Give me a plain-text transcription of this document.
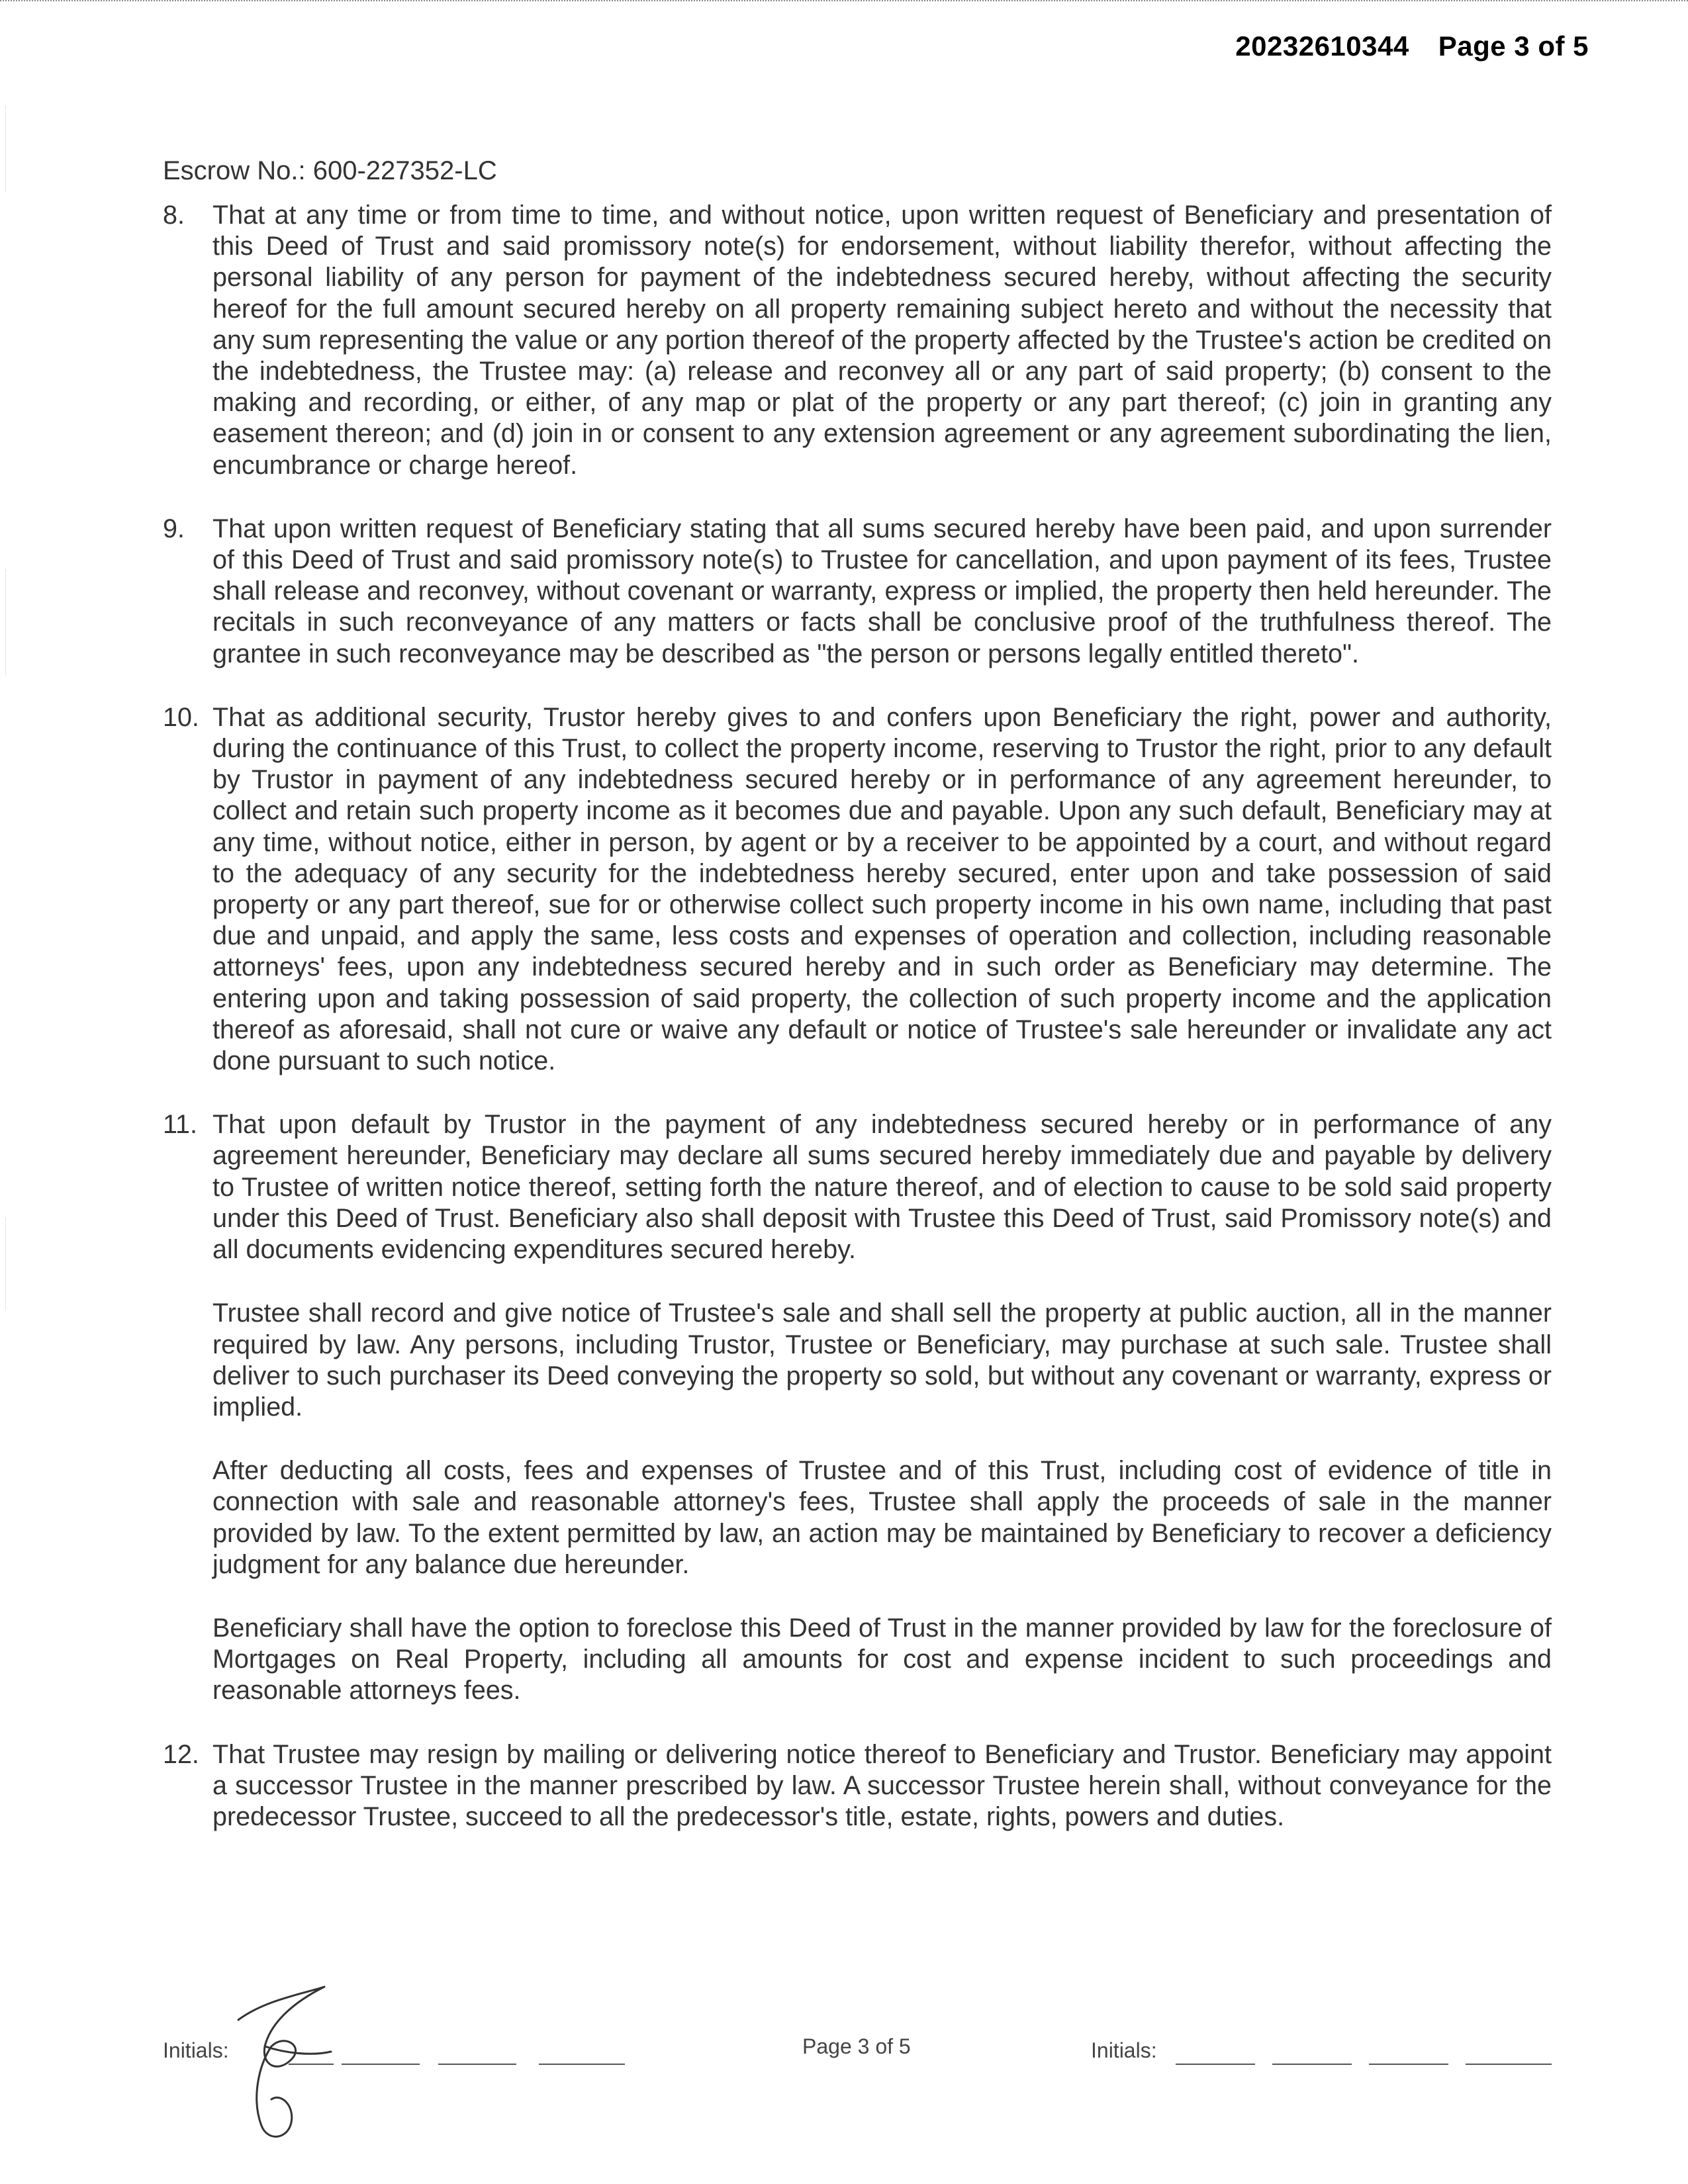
20232610344 Page 3 of 5
Escrow No.: 600-227352-LC
8.	That at any time or from time to time, and without notice, upon written request of Beneficiary and presentation of this Deed of Trust and said promissory note(s) for endorsement, without liability therefor, without affecting the personal liability of any person for payment of the indebtedness secured hereby, without affecting the security hereof for the full amount secured hereby on all property remaining subject hereto and without the necessity that any sum representing the value or any portion thereof of the property affected by the Trustee's action be credited on the indebtedness, the Trustee may: (a) release and reconvey all or any part of said property; (b) consent to the making and recording, or either, of any map or plat of the property or any part thereof; (c) join in granting any easement thereon; and (d) join in or consent to any extension agreement or any agreement subordinating the lien, encumbrance or charge hereof.

9.	That upon written request of Beneficiary stating that all sums secured hereby have been paid, and upon surrender of this Deed of Trust and said promissory note(s) to Trustee for cancellation, and upon payment of its fees, Trustee shall release and reconvey, without covenant or warranty, express or implied, the property then held hereunder. The recitals in such reconveyance of any matters or facts shall be conclusive proof of the truthfulness thereof. The grantee in such reconveyance may be described as "the person or persons legally entitled thereto".

10. That as additional security, Trustor hereby gives to and confers upon Beneficiary the right, power and authority, during the continuance of this Trust, to collect the property income, reserving to Trustor the right, prior to any default by Trustor in payment of any indebtedness secured hereby or in performance of any agreement hereunder, to collect and retain such property income as it becomes due and payable. Upon any such default, Beneficiary may at any time, without notice, either in person, by agent or by a receiver to be appointed by a court, and without regard to the adequacy of any security for the indebtedness hereby secured, enter upon and take possession of said property or any part thereof, sue for or otherwise collect such property income in his own name, including that past due and unpaid, and apply the same, less costs and expenses of operation and collection, including reasonable attorneys' fees, upon any indebtedness secured hereby and in such order as Beneficiary may determine. The entering upon and taking possession of said property, the collection of such property income and the application thereof as aforesaid, shall not cure or waive any default or notice of Trustee's sale hereunder or invalidate any act done pursuant to such notice.

11. That upon default by Trustor in the payment of any indebtedness secured hereby or in performance of any agreement hereunder, Beneficiary may declare all sums secured hereby immediately due and payable by delivery to Trustee of written notice thereof, setting forth the nature thereof, and of election to cause to be sold said property under this Deed of Trust. Beneficiary also shall deposit with Trustee this Deed of Trust, said Promissory note(s) and all documents evidencing expenditures secured hereby.

Trustee shall record and give notice of Trustee's sale and shall sell the property at public auction, all in the manner required by law. Any persons, including Trustor, Trustee or Beneficiary, may purchase at such sale. Trustee shall deliver to such purchaser its Deed conveying the property so sold, but without any covenant or warranty, express or implied.

After deducting all costs, fees and expenses of Trustee and of this Trust, including cost of evidence of title in connection with sale and reasonable attorney's fees, Trustee shall apply the proceeds of sale in the manner provided by law. To the extent permitted by law, an action may be maintained by Beneficiary to recover a deficiency judgment for any balance due hereunder.

Beneficiary shall have the option to foreclose this Deed of Trust in the manner provided by law for the foreclosure of Mortgages on Real Property, including all amounts for cost and expense incident to such proceedings and reasonable attorneys fees.

12. That Trustee may resign by mailing or delivering notice thereof to Beneficiary and Trustor. Beneficiary may appoint a successor Trustee in the manner prescribed by law. A successor Trustee herein shall, without conveyance for the predecessor Trustee, succeed to all the predecessor's title, estate, rights, powers and duties.

Initials:	Page 3 of 5	Initials:
